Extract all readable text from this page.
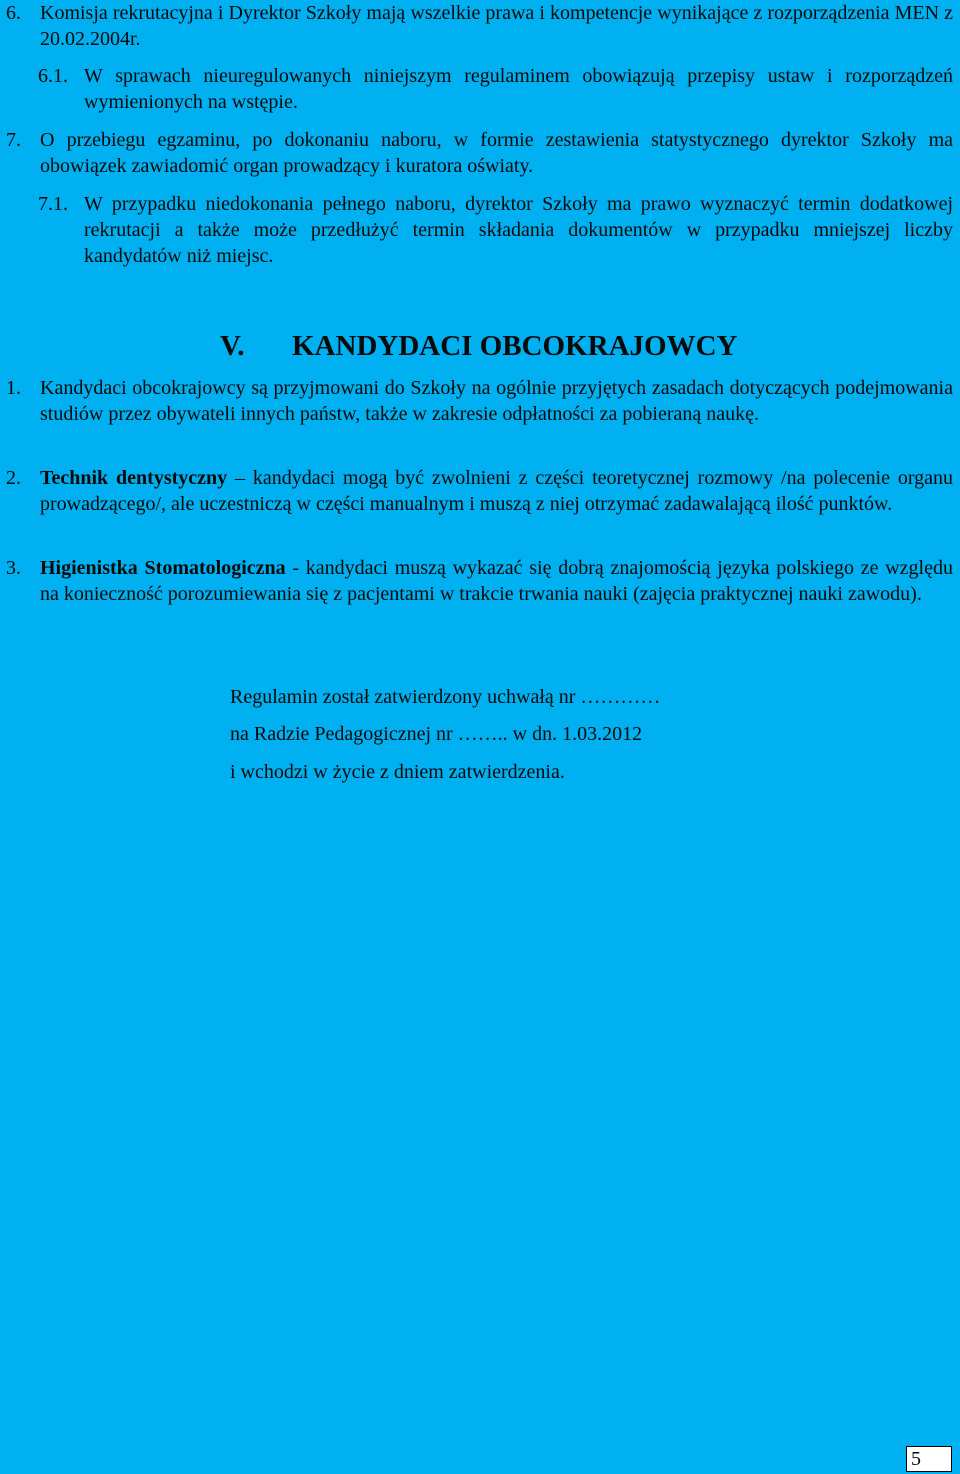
6. Komisja rekrutacyjna i Dyrektor Szkoły mają wszelkie prawa i kompetencje wynikające z rozporządzenia MEN z 20.02.2004r.
6.1. W sprawach nieuregulowanych niniejszym regulaminem obowiązują przepisy ustaw i rozporządzeń wymienionych na wstępie.
7. O przebiegu egzaminu, po dokonaniu naboru, w formie zestawienia statystycznego dyrektor Szkoły ma obowiązek zawiadomić organ prowadzący i kuratora oświaty.
7.1. W przypadku niedokonania pełnego naboru, dyrektor Szkoły ma prawo wyznaczyć termin dodatkowej rekrutacji a także może przedłużyć termin składania dokumentów w przypadku mniejszej liczby kandydatów niż miejsc.
V. KANDYDACI OBCOKRAJOWCY
1. Kandydaci obcokrajowcy są przyjmowani do Szkoły na ogólnie przyjętych zasadach dotyczących podejmowania studiów przez obywateli innych państw, także w zakresie odpłatności za pobieraną naukę.
2. Technik dentystyczny – kandydaci mogą być zwolnieni z części teoretycznej rozmowy /na polecenie organu prowadzącego/, ale uczestniczą w części manualnym i muszą z niej otrzymać zadawalającą ilość punktów.
3. Higienistka Stomatologiczna - kandydaci muszą wykazać się dobrą znajomością języka polskiego ze względu na konieczność porozumiewania się z pacjentami w trakcie trwania nauki (zajęcia praktycznej nauki zawodu).
Regulamin został zatwierdzony uchwałą nr …………
na Radzie Pedagogicznej nr …….. w dn. 1.03.2012
i wchodzi w życie z dniem zatwierdzenia.
5
